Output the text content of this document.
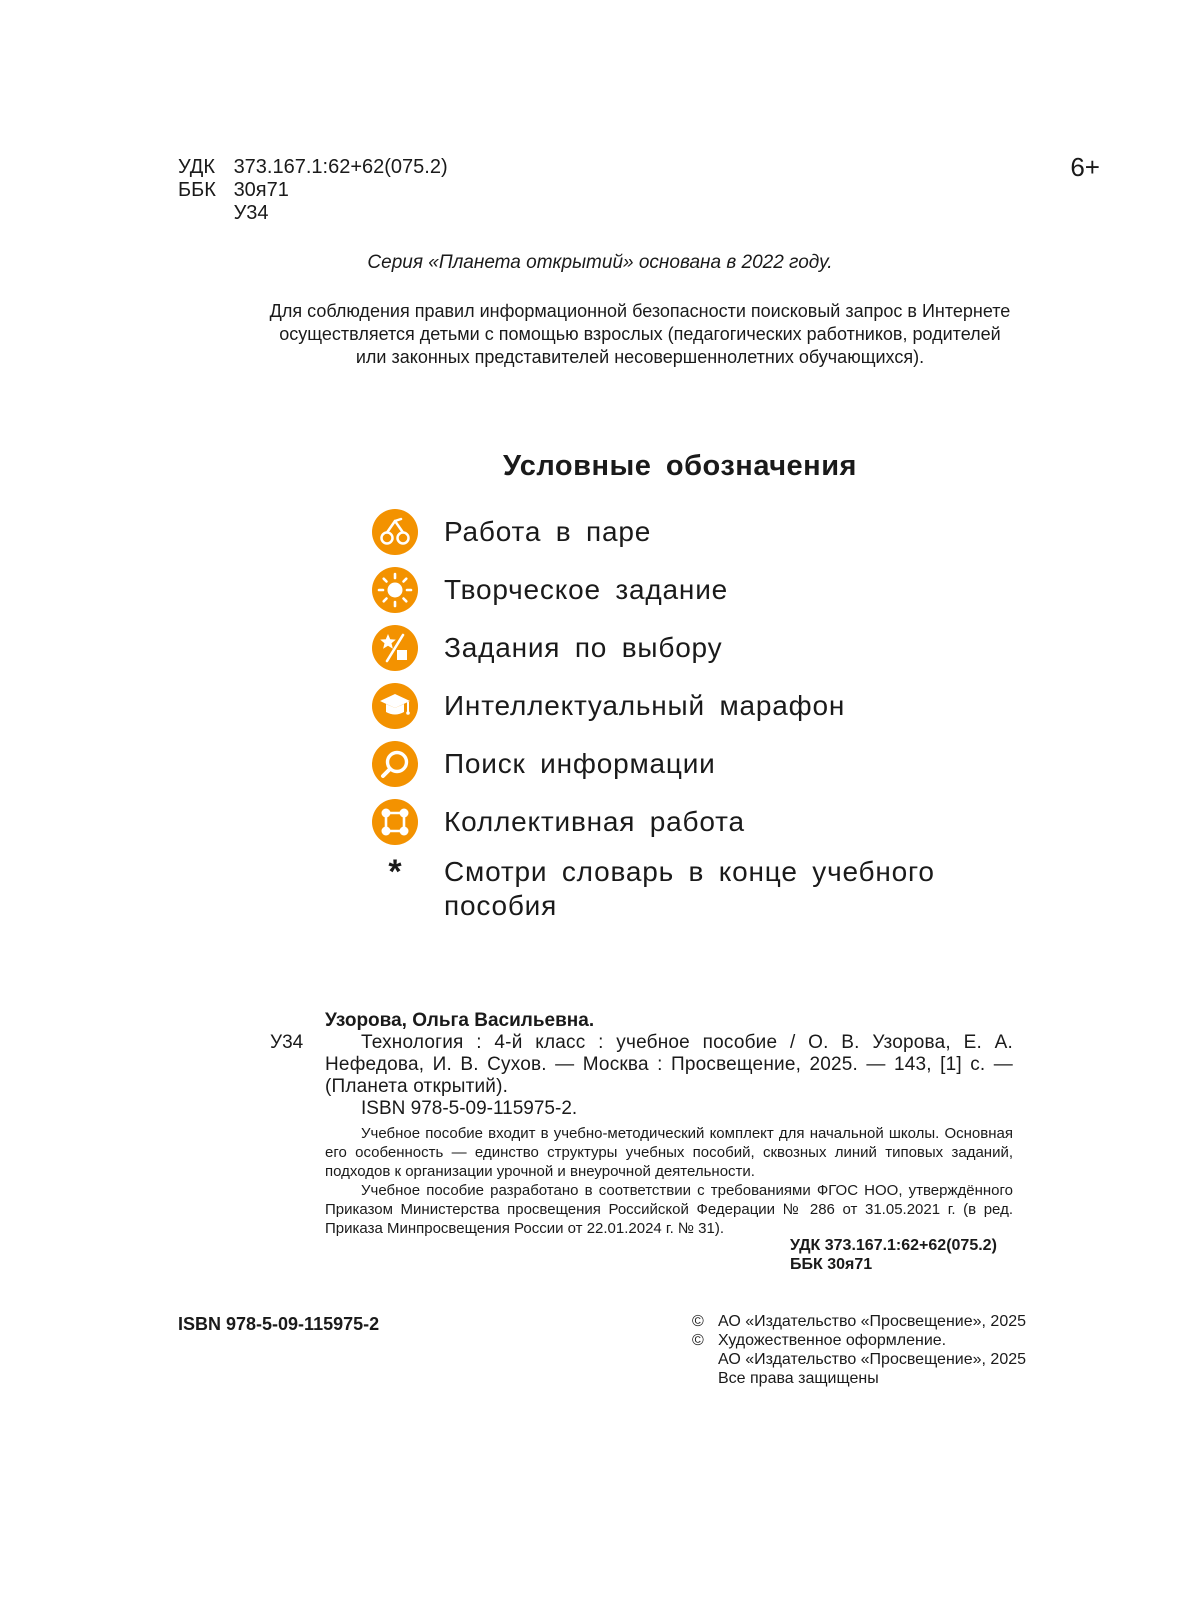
УДК 373.167.1:62+62(075.2)
ББК 30я71
У34
6+
Серия «Планета открытий» основана в 2022 году.
Для соблюдения правил информационной безопасности поисковый запрос в Интернете
осуществляется детьми с помощью взрослых (педагогических работников, родителей
или законных представителей несовершеннолетних обучающихся).
Условные обозначения
Работа в паре
Творческое задание
Задания по выбору
Интеллектуальный марафон
Поиск информации
Коллективная работа
*	Смотри словарь в конце учебного
пособия
Узорова, Ольга Васильевна.
У34	Технология : 4-й класс : учебное пособие / О. В. Узорова, Е. А. Нефедова, И. В. Сухов. — Москва : Просвещение, 2025. — 143, [1] с. — (Планета открытий).
ISBN 978-5-09-115975-2.

Учебное пособие входит в учебно-методический комплект для начальной школы. Основная его особенность — единство структуры учебных пособий, сквозных линий типовых заданий, подходов к организации урочной и внеурочной деятельности.

Учебное пособие разработано в соответствии с требованиями ФГОС НОО, утверждённого Приказом Министерства просвещения Российской Федерации № 286 от 31.05.2021 г. (в ред. Приказа Минпросвещения России от 22.01.2024 г. № 31).

УДК 373.167.1:62+62(075.2)
ББК 30я71
ISBN 978-5-09-115975-2	© АО «Издательство «Просвещение», 2025
© Художественное оформление.
АО «Издательство «Просвещение», 2025
Все права защищены
